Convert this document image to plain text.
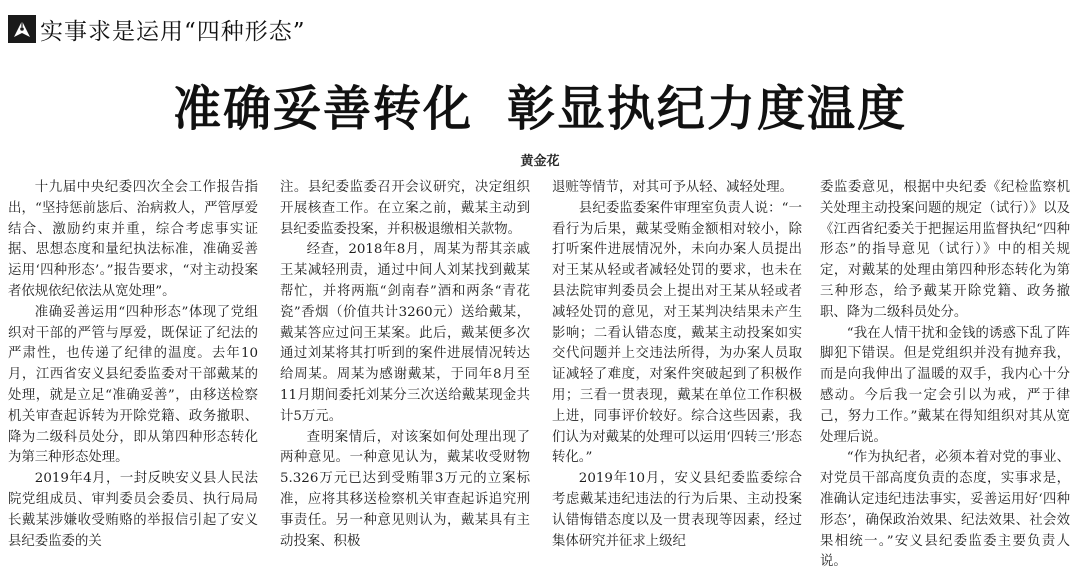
实事求是运用“四种形态”
准确妥善转化 彰显执纪力度温度
黄金花

十九届中央纪委四次全会工作报告指出，“坚持惩前毖后、治病救人，严管厚爱结合、激励约束并重，综合考虑事实证据、思想态度和量纪执法标准，准确妥善运用‘四种形态’。”报告要求，“对主动投案者依规依纪依法从宽处理”。

准确妥善运用“四种形态”体现了党组织对干部的严管与厚爱，既保证了纪法的严肃性，也传递了纪律的温度。去年10月，江西省安义县纪委监委对干部戴某的处理，就是立足“准确妥善”，由移送检察机关审查起诉转为开除党籍、政务撤职、降为二级科员处分，即从第四种形态转化为第三种形态处理。

2019年4月，一封反映安义县人民法院党组成员、审判委员会委员、执行局局长戴某涉嫌收受贿赂的举报信引起了安义县纪委监委的关

注。县纪委监委召开会议研究，决定组织开展核查工作。在立案之前，戴某主动到县纪委监委投案，并积极退缴相关款物。

经查，2018年8月，周某为帮其亲戚王某减轻刑责，通过中间人刘某找到戴某帮忙，并将两瓶“剑南春”酒和两条“青花瓷”香烟（价值共计3260元）送给戴某，戴某答应过问王某案。此后，戴某便多次通过刘某将其打听到的案件进展情况转达给周某。周某为感谢戴某，于同年8月至11月期间委托刘某分三次送给戴某现金共计5万元。

查明案情后，对该案如何处理出现了两种意见。一种意见认为，戴某收受财物5.326万元已达到受贿罪3万元的立案标准，应将其移送检察机关审查起诉追究刑事责任。另一种意见则认为，戴某具有主动投案、积极

退赃等情节，对其可予从轻、减轻处理。

县纪委监委案件审理室负责人说：“一看行为后果，戴某受贿金额相对较小，除打听案件进展情况外，未向办案人员提出对王某从轻或者减轻处罚的要求，也未在县法院审判委员会上提出对王某从轻或者减轻处罚的意见，对王某判决结果未产生影响；二看认错态度，戴某主动投案如实交代问题并上交违法所得，为办案人员取证减轻了难度，对案件突破起到了积极作用；三看一贯表现，戴某在单位工作积极上进，同事评价较好。综合这些因素，我们认为对戴某的处理可以运用‘四转三’形态转化。”

2019年10月，安义县纪委监委综合考虑戴某违纪违法的行为后果、主动投案认错悔错态度以及一贯表现等因素，经过集体研究并征求上级纪

委监委意见，根据中央纪委《纪检监察机关处理主动投案问题的规定（试行）》以及《江西省纪委关于把握运用监督执纪“四种形态”的指导意见（试行）》中的相关规定，对戴某的处理由第四种形态转化为第三种形态，给予戴某开除党籍、政务撤职、降为二级科员处分。

“我在人情干扰和金钱的诱惑下乱了阵脚犯下错误。但是党组织并没有抛弃我，而是向我伸出了温暖的双手，我内心十分感动。今后我一定会引以为戒，严于律己，努力工作。”戴某在得知组织对其从宽处理后说。

“作为执纪者，必须本着对党的事业、对党员干部高度负责的态度，实事求是，准确认定违纪违法事实，妥善运用好‘四种形态’，确保政治效果、纪法效果、社会效果相统一。”安义县纪委监委主要负责人说。
